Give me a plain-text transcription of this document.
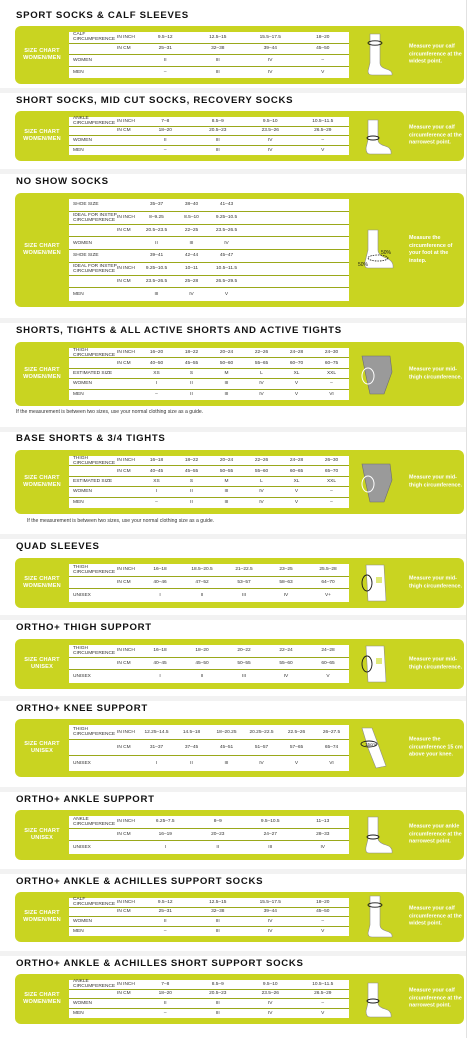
SPORT SOCKS & CALF SLEEVES
SIZE CHART WOMEN/MEN
CALF CIRCUMFERENCE IN INCH	9.5–12	12.5–15	15.5–17.5	18–20
IN CM	25–31	32–38	39–44	45–50
WOMEN	II	III	IV	–
MEN	–	III	IV	V
Measure your calf circumference at the widest point.
SHORT SOCKS, MID CUT SOCKS, RECOVERY SOCKS
SIZE CHART WOMEN/MEN
ANKLE CIRCUMFERENCE IN INCH	7–8	8.5–9	9.5–10	10.5–11.5
IN CM	18–20	20.5–23	23.5–26	26.5–29
WOMEN	II	III	IV	–
MEN	–	III	IV	V
Measure your calf circumference at the narrowest point.
NO SHOW SOCKS
SIZE CHART WOMEN/MEN
SHOE SIZE	35–37	38–40	41–43
IDEAL FOR INSTEP CIRCUMFERENCE IN INCH	8–9.25	8.5–10	9.25–10.5
IN CM	20.5–23.5	22–25	23.5–26.5
WOMEN	II	III	IV
SHOE SIZE	39–41	42–44	45–47
IDEAL FOR INSTEP CIRCUMFERENCE IN INCH	9.25–10.5	10–11	10.5–11.5
IN CM	23.5–26.5	25–28	26.5–29.5
MEN	III	IV	V
50%
50%
Measure the circumference of your foot at the instep.
SHORTS, TIGHTS & ALL ACTIVE SHORTS AND ACTIVE TIGHTS
SIZE CHART WOMEN/MEN
THIGH CIRCUMFERENCE
IN INCH	16–20	18–22	20–24	22–26	24–28	24–30
IN CM	40–50	45–55	50–60	55–65	60–70	60–75
ESTIMATED SIZE	XS	S	M	L	XL	XXL
WOMEN	I	II	III	IV	V	–
MEN	–	II	III	IV	V	VI
Measure your mid-thigh circumference.
If the measurement is between two sizes, use your normal clothing size as a guide.
BASE SHORTS & 3/4 TIGHTS
SIZE CHART WOMEN/MEN
THIGH CIRCUMFERENCE
IN INCH	16–18	18–22	20–24	22–26	24–28	26–30
IN CM	40–45	45–55	50–55	55–60	60–65	65–70
ESTIMATED SIZE	XS	S	M	L	XL	XXL
WOMEN	I	II	III	IV	V	–
MEN	–	II	III	IV	V	–
Measure your mid-thigh circumference.
If the measurement is between two sizes, use your normal clothing size as a guide.
QUAD SLEEVES
SIZE CHART WOMEN/MEN
THIGH CIRCUMFERENCE IN INCH	16–18	18.5–20.5	21–22.5	23–25	25.5–28
IN CM	40–46	47–52	53–57	58–63	64–70
UNISEX	I	II	III	IV	V+
Measure your mid-thigh circumference.
ORTHO+ THIGH SUPPORT
SIZE CHART UNISEX
THIGH CIRCUMFERENCE IN INCH	16–18	18–20	20–22	22–24	24–28
IN CM	40–45	45–50	50–55	55–60	60–65
UNISEX	I	II	III	IV	V
Measure your mid-thigh circumference.
ORTHO+ KNEE SUPPORT
SIZE CHART UNISEX
THIGH CIRCUMFERENCE IN INCH	12.25–14.5	14.5–18	18–20.25	20.25–22.5	22.5–26	26–27.5
IN CM	31–37	37–45	45–51	51–57	57–65	65–74
UNISEX	I	II	III	IV	V	VI
15cm
Measure the circumference 15 cm above your knee.
ORTHO+ ANKLE SUPPORT
SIZE CHART UNISEX
ANKLE CIRCUMFERENCE IN INCH	6.25–7.5	8–9	9.5–10.5	11–13
IN CM	16–19	20–23	24–27	28–33
UNISEX	I	II	III	IV
Measure your ankle circumference at the narrowest point.
ORTHO+ ANKLE & ACHILLES SUPPORT SOCKS
SIZE CHART WOMEN/MEN
CALF CIRCUMFERENCE IN INCH	9.5–12	12.5–15	15.5–17.5	18–20
IN CM	25–31	32–38	39–44	45–50
WOMEN	II	III	IV	–
MEN	–	III	IV	V
Measure your calf circumference at the widest point.
ORTHO+ ANKLE & ACHILLES SHORT SUPPORT SOCKS
SIZE CHART WOMEN/MEN
ANKLE CIRCUMFERENCE IN INCH	7–8	8.5–9	9.5–10	10.5–11.5
IN CM	18–20	20.5–23	23.5–26	26.5–29
WOMEN	II	III	IV	–
MEN	–	III	IV	V
Measure your calf circumference at the narrowest point.
